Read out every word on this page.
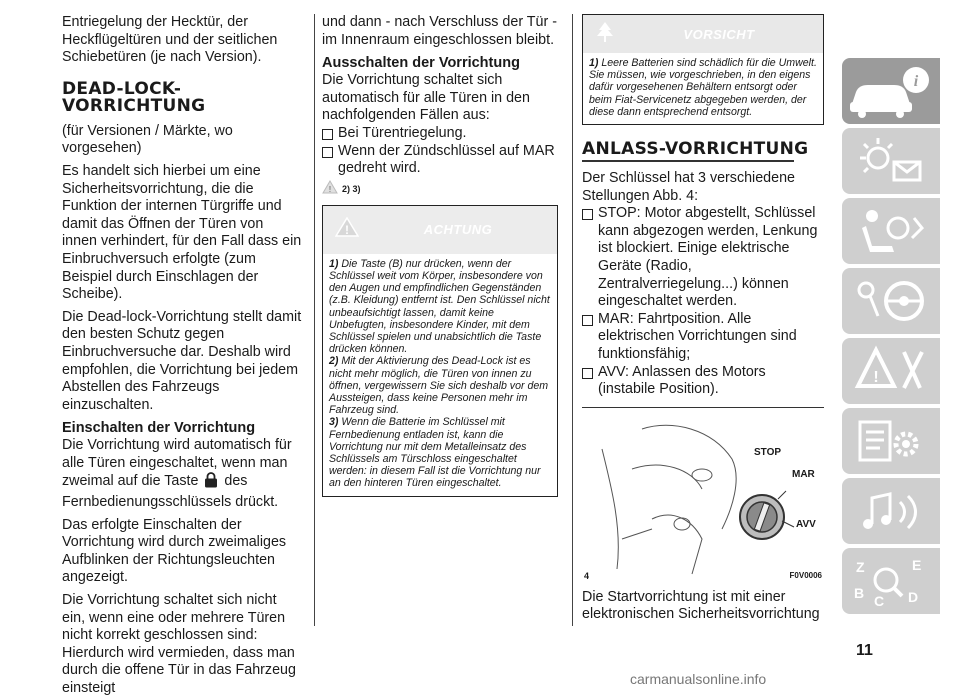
Entriegelung der Hecktür, der Heckflügeltüren und der seitlichen Schiebetüren (je nach Version).

DEAD-LOCK-VORRICHTUNG

(für Versionen / Märkte, wo vorgesehen)

Es handelt sich hierbei um eine Sicherheitsvorrichtung, die die Funktion der internen Türgriffe und damit das Öffnen der Türen von innen verhindert, für den Fall dass ein Einbruchversuch erfolgte (zum Beispiel durch Einschlagen der Scheibe).

Die Dead-lock-Vorrichtung stellt damit den besten Schutz gegen Einbruchversuche dar. Deshalb wird empfohlen, die Vorrichtung bei jedem Abstellen des Fahrzeugs einzuschalten.

Einschalten der Vorrichtung

Die Vorrichtung wird automatisch für alle Türen eingeschaltet, wenn man zweimal auf die Taste des Fernbedienungsschlüssels drückt.

Das erfolgte Einschalten der Vorrichtung wird durch zweimaliges Aufblinken der Richtungsleuchten angezeigt.

Die Vorrichtung schaltet sich nicht ein, wenn eine oder mehrere Türen nicht korrekt geschlossen sind: Hierdurch wird vermieden, dass man durch die offene Tür in das Fahrzeug einsteigt

und dann - nach Verschluss der Tür - im Innenraum eingeschlossen bleibt.

Ausschalten der Vorrichtung

Die Vorrichtung schaltet sich automatisch für alle Türen in den nachfolgenden Fällen aus:

Bei Türentriegelung.
Wenn der Zündschlüssel auf MAR gedreht wird.
! 2) 3)
!	ACHTUNG
1) Die Taste (B) nur drücken, wenn der Schlüssel weit vom Körper, insbesondere von den Augen und empfindlichen Gegenständen (z.B. Kleidung) entfernt ist. Den Schlüssel nicht unbeaufsichtigt lassen, damit keine Unbefugten, insbesondere Kinder, mit dem Schlüssel spielen und unabsichtlich die Taste drücken können.
2) Mit der Aktivierung des Dead-Lock ist es nicht mehr möglich, die Türen von innen zu öffnen, vergewissern Sie sich deshalb vor dem Aussteigen, dass keine Personen mehr im Fahrzeug sind.
3) Wenn die Batterie im Schlüssel mit Fernbedienung entladen ist, kann die Vorrichtung nur mit dem Metalleinsatz des Schlüssels am Türschloss eingeschaltet werden: in diesem Fall ist die Vorrichtung nur an den hinteren Türen eingeschaltet.
VORSICHT
1) Leere Batterien sind schädlich für die Umwelt. Sie müssen, wie vorgeschrieben, in den eigens dafür vorgesehenen Behältern entsorgt oder beim Fiat-Servicenetz abgegeben werden, der diese dann entsprechend entsorgt.
ANLASS-VORRICHTUNG

Der Schlüssel hat 3 verschiedene Stellungen Abb. 4:

STOP: Motor abgestellt, Schlüssel kann abgezogen werden, Lenkung ist blockiert. Einige elektrische Geräte (Radio, Zentralverriegelung...) können eingeschaltet werden.
MAR: Fahrtposition. Alle elektrischen Vorrichtungen sind funktionsfähig;
AVV: Anlassen des Motors (instabile Position).
STOP
MAR
AVV
4	F0V0006

Die Startvorrichtung ist mit einer elektronischen Sicherheitsvorrichtung

i
!
Z	E
B	D
C
11
carmanualsonline.info
